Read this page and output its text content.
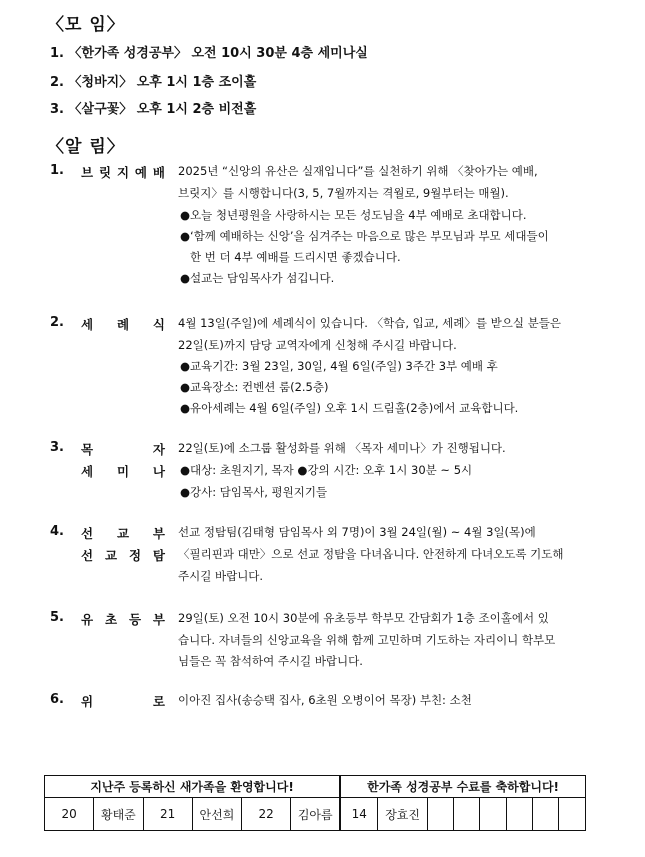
〈모 임〉
1. 〈한가족 성경공부〉 오전 10시 30분 4층 세미나실
2. 〈청바지〉 오후 1시 1층 조이홀
3. 〈살구꽃〉 오후 1시 2층 비전홀
〈알 림〉
1. 브 릿 지 예 배 2025년 “신앙의 유산은 실재입니다”를 실천하기 위해 〈찾아가는 예배,
브릿지〉를 시행합니다(3, 5, 7월까지는 격월로, 9월부터는 매월).
●오늘 청년평원을 사랑하시는 모든 성도님을 4부 예배로 초대합니다.
●‘함께 예배하는 신앙’을 심겨주는 마음으로 많은 부모님과 부모 세대들이
한 번 더 4부 예배를 드리시면 좋겠습니다.
●설교는 담임목사가 섬깁니다.
2. 세 례 식 4월 13일(주일)에 세례식이 있습니다. 〈학습, 입교, 세례〉를 받으실 분들은
22일(토)까지 담당 교역자에게 신청해 주시길 바랍니다.
●교육기간: 3월 23일, 30일, 4월 6일(주일) 3주간 3부 예배 후
●교육장소: 컨벤션 룸(2.5층)
●유아세례는 4월 6일(주일) 오후 1시 드림홀(2층)에서 교육합니다.
3. 목	자
세 미 나
22일(토)에 소그룹 활성화를 위해 〈목자 세미나〉가 진행됩니다.
●대상: 초원지기, 목자 ●강의 시간: 오후 1시 30분 ~ 5시
●강사: 담임목사, 평원지기들
4. 선 교 부
선 교 정 탐
선교 정탐팀(김태형 담임목사 외 7명)이 3월 24일(월) ~ 4월 3일(목)에
〈필리핀과 대만〉으로 선교 정탐을 다녀옵니다. 안전하게 다녀오도록 기도해
주시길 바랍니다.
5. 유 초 등 부 29일(토) 오전 10시 30분에 유초등부 학부모 간담회가 1층 조이홀에서 있
습니다. 자녀들의 신앙교육을 위해 함께 고민하며 기도하는 자리이니 학부모
님들은 꼭 참석하여 주시길 바랍니다.
6. 위	로 이아진 집사(송승택 집사, 6초원 오병이어 목장) 부친: 소천
지난주 등록하신 새가족을 환영합니다!						한가족 성경공부 수료를 축하합니다!							
20	황태준	21	안선희	22	김아름	14	장효진						
